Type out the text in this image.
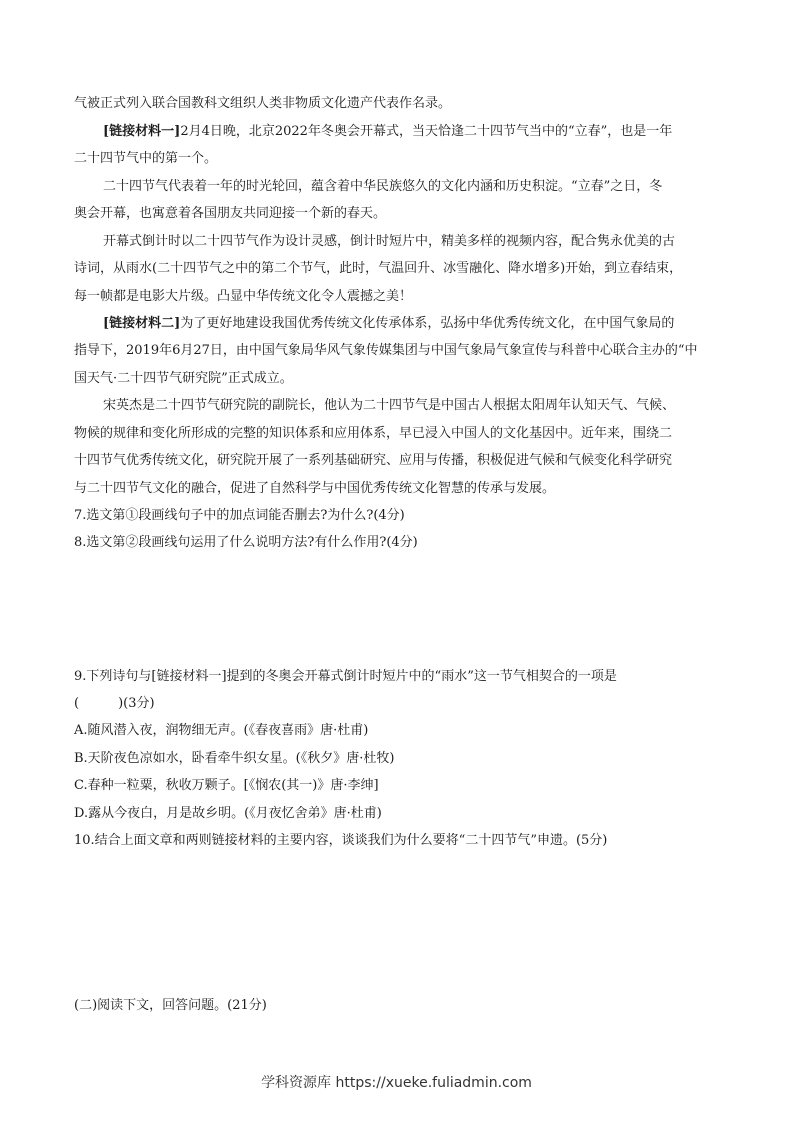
气被正式列入联合国教科文组织人类非物质文化遗产代表作名录。
[链接材料一]2月4日晚，北京2022年冬奥会开幕式，当天恰逢二十四节气当中的“立春”，也是一年
二十四节气中的第一个。
二十四节气代表着一年的时光轮回，蕴含着中华民族悠久的文化内涵和历史积淀。“立春”之日，冬
奥会开幕，也寓意着各国朋友共同迎接一个新的春天。
开幕式倒计时以二十四节气作为设计灵感，倒计时短片中，精美多样的视频内容，配合隽永优美的古
诗词，从雨水(二十四节气之中的第二个节气，此时，气温回升、冰雪融化、降水增多)开始，到立春结束，
每一帧都是电影大片级。凸显中华传统文化令人震撼之美！
[链接材料二]为了更好地建设我国优秀传统文化传承体系，弘扬中华优秀传统文化，在中国气象局的
指导下，2019年6月27日，由中国气象局华风气象传媒集团与中国气象局气象宣传与科普中心联合主办的“中
国天气·二十四节气研究院”正式成立。
宋英杰是二十四节气研究院的副院长，他认为二十四节气是中国古人根据太阳周年认知天气、气候、
物候的规律和变化所形成的完整的知识体系和应用体系，早已浸入中国人的文化基因中。近年来，围绕二
十四节气优秀传统文化，研究院开展了一系列基础研究、应用与传播，积极促进气候和气候变化科学研究
与二十四节气文化的融合，促进了自然科学与中国优秀传统文化智慧的传承与发展。
7.选文第①段画线句子中的加点词能否删去?为什么?(4分)
8.选文第②段画线句运用了什么说明方法?有什么作用?(4分)
9.下列诗句与[链接材料一]提到的冬奥会开幕式倒计时短片中的“雨水”这一节气相契合的一项是
(　　　)(3分)
A.随风潜入夜，润物细无声。(《春夜喜雨》唐·杜甫)
B.天阶夜色凉如水，卧看牵牛织女星。(《秋夕》唐·杜牧)
C.春种一粒粟，秋收万颗子。[《悯农(其一)》唐·李绅]
D.露从今夜白，月是故乡明。(《月夜忆舍弟》唐·杜甫)
10.结合上面文章和两则链接材料的主要内容，谈谈我们为什么要将“二十四节气”申遗。(5分)
(二)阅读下文，回答问题。(21分)
学科资源库 https://xueke.fuliadmin.com
